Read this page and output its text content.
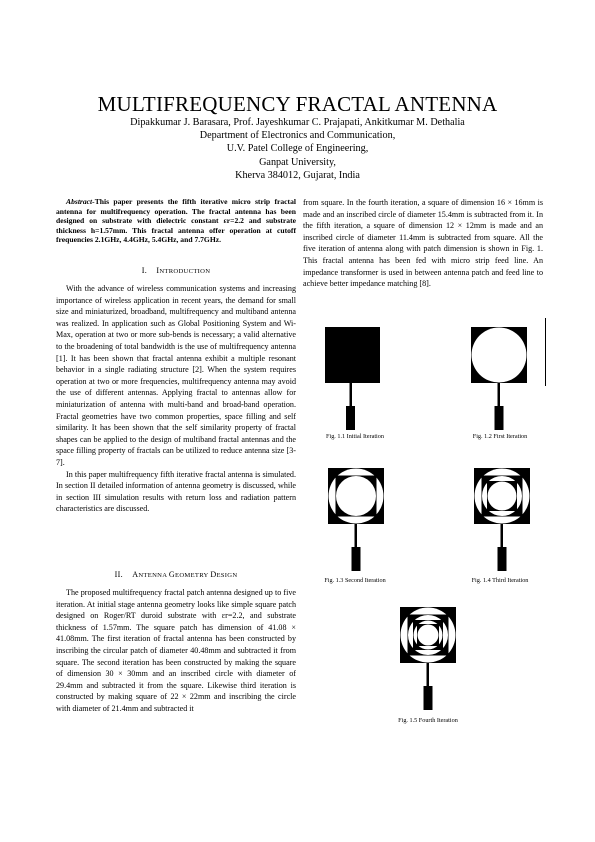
MULTIFREQUENCY FRACTAL ANTENNA
Dipakkumar J. Barasara, Prof. Jayeshkumar C. Prajapati, Ankitkumar M. Dethalia
Department of Electronics and Communication,
U.V. Patel College of Engineering,
Ganpat University,
Kherva 384012, Gujarat, India
Abstract-This paper presents the fifth iterative micro strip fractal antenna for multifrequency operation. The fractal antenna has been designed on substrate with dielectric constant εr=2.2 and substrate thickness h=1.57mm. This fractal antenna offer operation at cutoff frequencies 2.1GHz, 4.4GHz, 5.4GHz, and 7.7GHz.
I. INTRODUCTION

With the advance of wireless communication systems and increasing importance of wireless application in recent years, the demand for small size and miniaturized, broadband, multifrequency and multiband antenna was realized. In application such as Global Positioning System and Wi-Max, operation at two or more sub-bends is necessary; a valid alternative to the broadening of total bandwidth is the use of multifrequency antenna [1]. It has been shown that fractal antenna exhibit a multiple resonant behavior in a single radiating structure [2]. When the system requires operation at two or more frequencies, multifrequency antenna may avoid the use of different antennas. Applying fractal to antennas allow for miniaturization of antenna with multi-band and broad-band operation. Fractal geometries have two common properties, space filling and self similarity. It has been shown that the self similarity property of fractal shapes can be applied to the design of multiband fractal antennas and the space filling property of fractals can be utilized to reduce antenna size [3-7].

In this paper multifrequency fifth iterative fractal antenna is simulated. In section II detailed information of antenna geometry is discussed, while in section III simulation results with return loss and radiation pattern characteristics are discussed.

II. ANTENNA GEOMETRY DESIGN

The proposed multifrequency fractal patch antenna designed up to five iteration. At initial stage antenna geometry looks like simple square patch designed on Roger/RT duroid substrate with εr=2.2, and substrate thickness of 1.57mm. The square patch has dimension of 41.08 × 41.08mm. The first iteration of fractal antenna has been constructed by inscribing the circular patch of diameter 40.48mm and subtracted it from square. The second iteration has been constructed by making the square of dimension 30 × 30mm and an inscribed circle with diameter of 29.4mm and subtracted it from the square. Likewise third iteration is constructed by making square of 22 × 22mm and inscribing the circle with diameter of 21.4mm and subtracted it

from square. In the fourth iteration, a square of dimension 16 × 16mm is made and an inscribed circle of diameter 15.4mm is subtracted from it. In the fifth iteration, a square of dimension 12 × 12mm is made and an inscribed circle of diameter 11.4mm is subtracted from square. All the five iteration of antenna along with patch dimension is shown in Fig. 1. This fractal antenna has been fed with micro strip feed line. An impedance transformer is used in between antenna patch and feed line to achieve better impedance matching [8].

Fig. 1.1 Initial Iteration	Fig. 1.2 First Iteration
Fig. 1.3 Second Iteration	Fig. 1.4 Third Iteration
Fig. 1.5 Fourth Iteration
